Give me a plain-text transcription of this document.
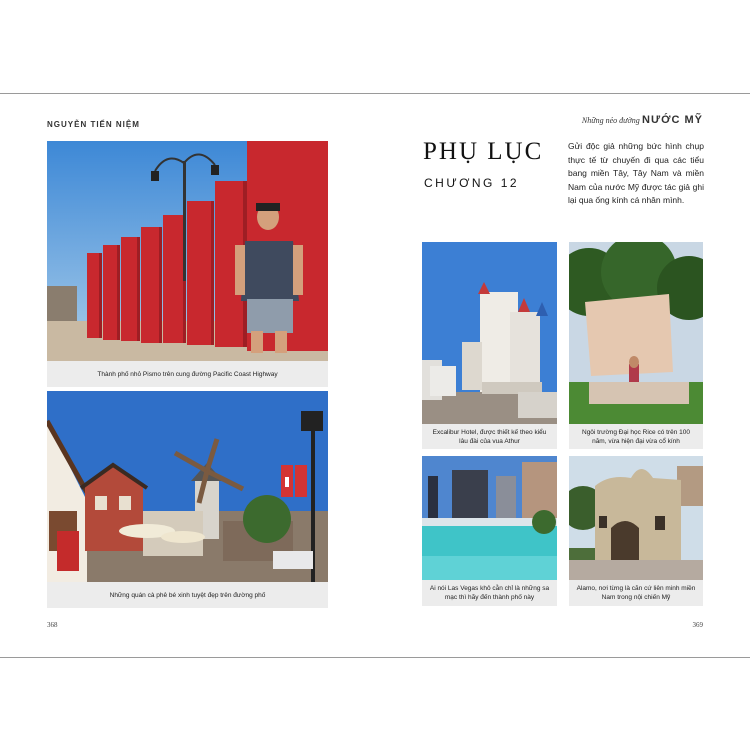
NGUYỄN TIẾN NIỆM	Những nẻo đường NƯỚC MỸ
Thành phố nhỏ Pismo trên cung đường Pacific Coast Highway
Những quán cà phê bé xinh tuyệt đẹp trên đường phố
368
PHỤ LỤC
CHƯƠNG 12
Gửi độc giả những bức hình chụp thực tế từ chuyến đi qua các tiểu bang miền Tây, Tây Nam và miền Nam của nước Mỹ được tác giả ghi lại qua ống kính cá nhân mình.
Excalibur Hotel, được thiết kế theo kiểu lâu đài của vua Athur
Ngôi trường Đại học Rice có trên 100 năm, vừa hiện đại vừa cổ kính
Ai nói Las Vegas khô cằn chỉ là những sa mạc thì hãy đến thành phố này
Alamo, nơi từng là căn cứ liên minh miền Nam trong nội chiến Mỹ
369
